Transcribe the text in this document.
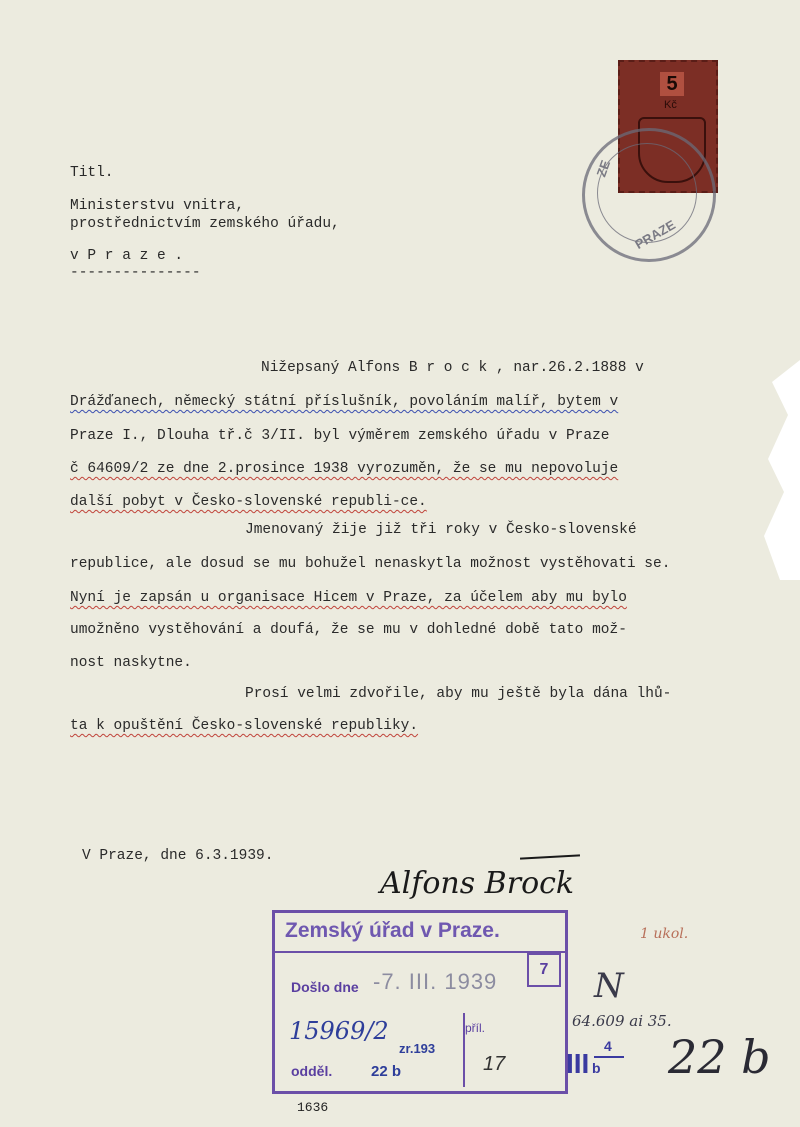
5
Kč
ZE
PRAZE
Titl.
Ministerstvu vnitra,
prostřednictvím zemského úřadu,
v P r a z e .
---------------
Nižepsaný Alfons B r o c k , nar.26.2.1888 v
Drážďanech, německý státní příslušník, povoláním malíř, bytem v
Praze I., Dlouha tř.č 3/II. byl výměrem zemského úřadu v Praze
č 64609/2 ze dne 2.prosince 1938 vyrozuměn, že se mu nepovoluje
další pobyt v Česko-slovenské republi-ce.
Jmenovaný žije již tři roky v Česko-slovenské
republice, ale dosud se mu bohužel nenaskytla možnost vystěhovati se.
Nyní je zapsán u organisace Hicem v Praze, za účelem aby mu bylo
umožněno vystěhování a doufá, že se mu v dohledné době tato mož-
nost naskytne.
Prosí velmi zdvořile, aby mu ještě byla dána lhů-
ta k opuštění Česko-slovenské republiky.
V Praze, dne 6.3.1939.
Alfons Brock
Zemský úřad v Praze.
Došlo dne -7. III. 1939	7
15969/2
zr.193
příl.
odděl.	22 b	17
1 ukol.
N
64.609 ai 35.
22 b
III
4
b
1636
